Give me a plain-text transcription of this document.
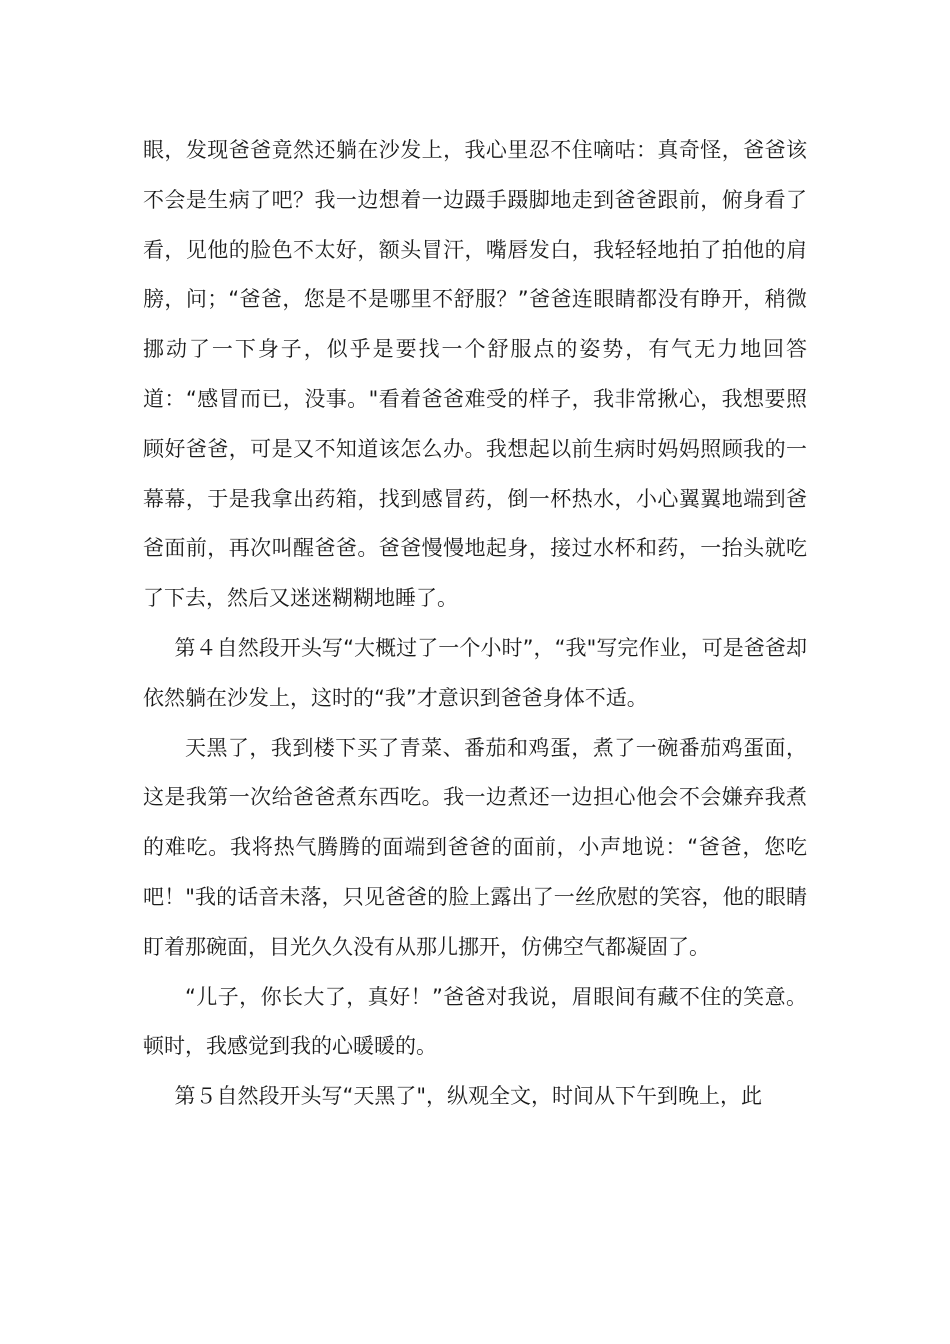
眼，发现爸爸竟然还躺在沙发上，我心里忍不住嘀咕：真奇怪，爸爸该不会是生病了吧？我一边想着一边蹑手蹑脚地走到爸爸跟前，俯身看了看，见他的脸色不太好，额头冒汗，嘴唇发白，我轻轻地拍了拍他的肩膀，问；“爸爸，您是不是哪里不舒服？”爸爸连眼睛都没有睁开，稍微挪动了一下身子，似乎是要找一个舒服点的姿势，有气无力地回答道：“感冒而已，没事。"看着爸爸难受的样子，我非常揪心，我想要照顾好爸爸，可是又不知道该怎么办。我想起以前生病时妈妈照顾我的一幕幕，于是我拿出药箱，找到感冒药，倒一杯热水，小心翼翼地端到爸爸面前，再次叫醒爸爸。爸爸慢慢地起身，接过水杯和药，一抬头就吃了下去，然后又迷迷糊糊地睡了。

第４自然段开头写“大概过了一个小时”，“我"写完作业，可是爸爸却依然躺在沙发上，这时的“我”才意识到爸爸身体不适。

天黑了，我到楼下买了青菜、番茄和鸡蛋，煮了一碗番茄鸡蛋面，这是我第一次给爸爸煮东西吃。我一边煮还一边担心他会不会嫌弃我煮的难吃。我将热气腾腾的面端到爸爸的面前，小声地说：“爸爸，您吃吧！"我的话音未落，只见爸爸的脸上露出了一丝欣慰的笑容，他的眼睛盯着那碗面，目光久久没有从那儿挪开，仿佛空气都凝固了。

“儿子，你长大了，真好！”爸爸对我说，眉眼间有藏不住的笑意。顿时，我感觉到我的心暖暖的。

第５自然段开头写“天黑了"，纵观全文，时间从下午到晚上，此
